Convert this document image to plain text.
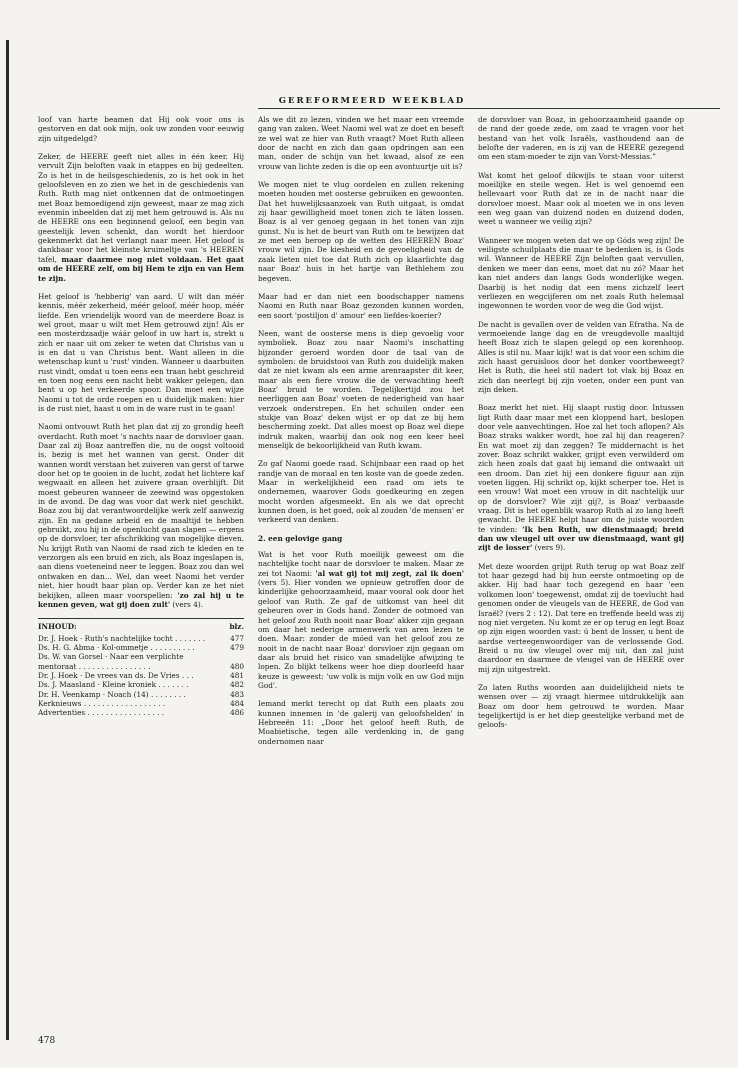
GEREFORMEERD WEEKBLAD

loof van harte beamen dat Hij ook voor ons is gestorven en dat ook mijn, ook uw zonden voor eeuwig zijn uitgedelgd?

Zeker, de HEERE geeft niet alles in één keer. Hij vervult Zijn beloften vaak in etappes en bij gedeelten. Zo is het in de heilsgeschiedenis, zo is het ook in het geloofsleven en zo zien we het in de geschiedenis van Ruth. Ruth mag niet ontkennen dat de ontmoetingen met Boaz bemoedigend zijn geweest, maar ze mag zich evenmin inbeelden dat zij met hem getrouwd is. Als nu de HEERE ons een beginnend geloof, een begin van geestelijk leven schenkt, dan wordt het hierdoor gekenmerkt dat het verlangt naar meer. Het geloof is dankbaar voor het kleinste kruimeltje van 's HEEREN tafel, maar daarmee nog niet voldaan. Het gaat om de HEERE zelf, om bij Hem te zijn en van Hem te zijn.

Het geloof is 'hebberig' van aard. U wilt dan méér kennis, méér zekerheid, méér geloof, méér hoop, méér liefde. Een vriendelijk woord van de meerdere Boaz is wel groot, maar u wilt met Hem getrouwd zijn! Als er een mosterdzaadje wáár geloof in uw hart is, strekt u zich er naar uit om zeker te weten dat Christus van u is en dat u van Christus bent. Want alleen in die wetenschap kunt u 'rust' vinden. Wanneer u daarbuiten rust vindt, omdat u toen eens een traan hebt geschreid en toen nog eens een nacht hebt wakker gelegen, dan bent u op het verkeerde spoor. Dan moet een wijze Naomi u tot de orde roepen en u duidelijk maken: hier is de rust niet, haast u om in de ware rust in te gaan!

Naomi ontvouwt Ruth het plan dat zij zo grondig heeft overdacht. Ruth moet 's nachts naar de dorsvloer gaan. Daar zal zij Boaz aantreffen die, nu de oogst voltooid is, bezig is met het wannen van gerst. Onder dit wannen wordt verstaan het zuiveren van gerst of tarwe door het op te gooien in de lucht, zodat het lichtere kaf wegwaait en alleen het zuivere graan overblijft. Dit moest gebeuren wanneer de zeewind was opgestoken in de avond. De dag was voor dat werk niet geschikt. Boaz zou bij dat verantwoordelijke werk zelf aanwezig zijn. En na gedane arbeid en de maaltijd te hebben gebruikt, zou hij in de openlucht gaan slapen — ergens op de dorsvloer, ter afschrikking van mogelijke dieven. Nu krijgt Ruth van Naomi de raad zich te kleden en te verzorgen als een bruid en zich, als Boaz ingeslapen is, aan diens voeteneind neer te leggen. Boaz zou dan wel ontwaken en dan… Wel, dan weet Naomi het verder niet, hier houdt haar plan op. Verder kan ze het niet bekijken, alleen maar voorspellen: 'zo zal hij u te kennen geven, wat gij doen zult' (vers 4).

INHOUD:	blz.
Dr. J. Hoek · Ruth's nachtelijke tocht . . . . . . .	477
Ds. H. G. Abma · Kol-ommetje . . . . . . . . . .	479
Ds. W. van Gorsel · Naar een verplichte
mentoraat . . . . . . . . . . . . . . . .	480
Dr. J. Hoek · De vrees van ds. De Vries . . .	481
Ds. J. Maasland · Kleine kroniek . . . . . . .	482
Dr. H. Veenkamp · Noach (14) . . . . . . . .	483
Kerknieuws . . . . . . . . . . . . . . . . . .	484
Advertenties . . . . . . . . . . . . . . . . .	486

Als we dit zo lezen, vinden we het maar een vreemde gang van zaken. Weet Naomi wel wat ze doet en beseft ze wel wat ze hier van Ruth vraagt? Moet Ruth alleen door de nacht en zich dan gaan opdringen aan een man, onder de schijn van het kwaad, alsof ze een vrouw van lichte zeden is die op een avontuurtje uit is?

We mogen niet te vlug oordelen en zullen rekening moeten houden met oosterse gebruiken en gewoonten. Dat het huwelijksaanzoek van Ruth uitgaat, is omdat zij haar gewilligheid moet tonen zich te láten lossen. Boaz is al ver genoeg gegaan in het tonen van zijn gunst. Nu is het de beurt van Ruth om te bewijzen dat ze met een beroep op de wetten des HEEREN Boaz' vrouw wil zijn. De kiesheid en de gevoeligheid van de zaak lieten niet toe dat Ruth zich op klaarlichte dag naar Boaz' huis in het hartje van Bethlehem zou begeven.

Maar had er dan niet een boodschapper namens Naomi en Ruth naar Boaz gezonden kunnen worden, een soort 'postiljon d' amour' een liefdes-koerier?

Neen, want de oosterse mens is diep gevoelig voor symboliek. Boaz zou naar Naomi's inschatting bijzonder geroerd worden door de taal van de symbolen: de bruidstooi van Ruth zou duidelijk maken dat ze niet kwam als een arme arenraapster dit keer, maar als een fiere vrouw die de verwachting heeft Boaz' bruid te worden. Tegelijkertijd zou het neerliggen aan Boaz' voeten de nederigheid van haar verzoek onderstrepen. En het schuilen onder een stukje van Boaz' deken wijst er op dat ze bij hem bescherming zoekt. Dat alles moest op Boaz wel diepe indruk maken, waarbij dan ook nog een keer heel menselijk de bekoorlijkheid van Ruth kwam.

Zo gaf Naomi goede raad. Schijnbaar een raad op het randje van de moraal en ten koste van de goede zeden. Maar in werkelijkheid een raad om iets te ondernemen, waarover Gods goedkeuring en zegen mocht worden afgesmeekt. En als we dat oprecht kunnen doen, is het goed, ook al zouden 'de mensen' er verkeerd van denken.

2. een gelovige gang

Wat is het voor Ruth moeilijk geweest om die nachtelijke tocht naar de dorsvloer te maken. Maar ze zei tot Naomi: 'al wat gij tot mij zegt, zal ik doen' (vers 5). Hier vonden we opnieuw getroffen door de kinderlijke gehoorzaamheid, maar vooral ook door het geloof van Ruth. Ze gaf de uitkomst van heel dit gebeuren over in Gods hand. Zonder de ootmoed van het geloof zou Ruth nooit naar Boaz' akker zijn gegaan om daar het nederige armenwerk van aren lezen te doen. Maar: zonder de móed van het geloof zou ze nooit in de nacht naar Boaz' dorsvloer zijn gegaan om daar als bruid het risico van smadelijke afwijzing te lopen. Zo blijkt telkens weer hoe diep doorleefd haar keuze is geweest: 'uw volk is mijn volk en uw God mijn God'.

Iemand merkt terecht op dat Ruth een plaats zou kunnen innemen in 'de galerij van geloofshelden' in Hebreeën 11: „Door het geloof heeft Ruth, de Moabietische, tegen alle verdenking in, de gang ondernomen naar

de dorsvloer van Boaz, in gehoorzaamheid gaande op de rand der goede zede, om zaad te vragen voor het bestand van het volk Israëls, vasthoudend aan de belofte der vaderen, en is zij van de HEERE gezegend om een stam-moeder te zijn van Vorst-Messias.”

Wat komt het geloof dikwijls te staan voor uiterst moeilijke en steile wegen. Het is wel genoemd een hellevaart voor Ruth dat ze in de nacht naar die dorsvloer moest. Maar ook al moeten we in ons leven een weg gaan van duizend noden en duizend doden, weet u wanneer we veilig zijn?

Wanneer we mogen weten dat we op Góds weg zijn! De veiligste schuilplaats die maar te bedenken is, is Gods wil. Wanneer de HEERE Zijn beloften gaat vervullen, denken we meer dan eens, moet dat nu zó? Maar het kan niet anders dan langs Gods wonderlijke wegen. Daarbij is het nodig dat een mens zichzelf leert verliezen en wegcijferen om net zoals Ruth helemaal ingewonnen te worden voor de weg die God wijst.

De nacht is gevallen over de velden van Efratha. Na de vermoeiende lange dag en de vreugdevolle maaltijd heeft Boaz zich te slapen gelegd op een korenhoop. Alles is stil nu. Maar kijk! wat is dat voor een schim die zich haast geruisloos door het donker voortbeweegt? Het is Ruth, die heel stil nadert tot vlak bij Boaz en zich dan neerlegt bij zijn voeten, onder een punt van zijn deken.

Boaz merkt het niet. Hij slaapt rustig door. Intussen ligt Ruth daar maar met een kloppend hart, beslopen door vele aanvechtingen. Hoe zal het toch aflopen? Als Boaz straks wakker wordt, hoe zal hij dan reageren? En wat moet zij dan zeggen? Te middernacht is het zover. Boaz schrikt wakker, grijpt even verwilderd om zich heen zoals dat gaat bij iemand die ontwaakt uit een droom. Dan ziet hij een donkere figuur aan zijn voeten liggen. Hij schrikt op, kijkt scherper toe. Het is een vrouw! Wat moet een vrouw in dit nachtelijk uur op de dorsvloer? Wie zijt gij?, is Boaz' verbaasde vraag. Dit is het ogenblik waarop Ruth al zo lang heeft gewacht. De HEERE helpt haar om de juiste woorden te vinden: 'Ik ben Ruth, uw dienstmaagd; breid dan uw vleugel uit over uw dienstmaagd, want gij zijt de losser' (vers 9).

Met deze woorden grijpt Ruth terug op wat Boaz zelf tot haar gezegd had bij hun eerste ontmoeting op de akker. Hij had haar toch gezegend en haar 'een volkomen loon' toegewenst, omdat zij de toevlucht had genomen onder de vleugels van de HEERE, de God van Israël? (vers 2 : 12). Dat tere en treffende beeld was zij nog niet vergeten. Nu komt ze er op terug en legt Boaz op zijn eigen woorden vast: ú bent de losser, u bent de aardse verteegenwoordiger van de verlossende God. Breid u nu úw vleugel over mij uit, dan zal juist daardoor en daarmee de vleugel van de HEERE over mij zijn uitgestrekt.

Zo laten Ruths woorden aan duidelijkheid niets te wensen over — zij vraagt hiermee uitdrukkelijk aan Boaz om door hem getrouwd te worden. Maar tegelijkertijd is er het diep geestelijke verband met de geloofs-

478
